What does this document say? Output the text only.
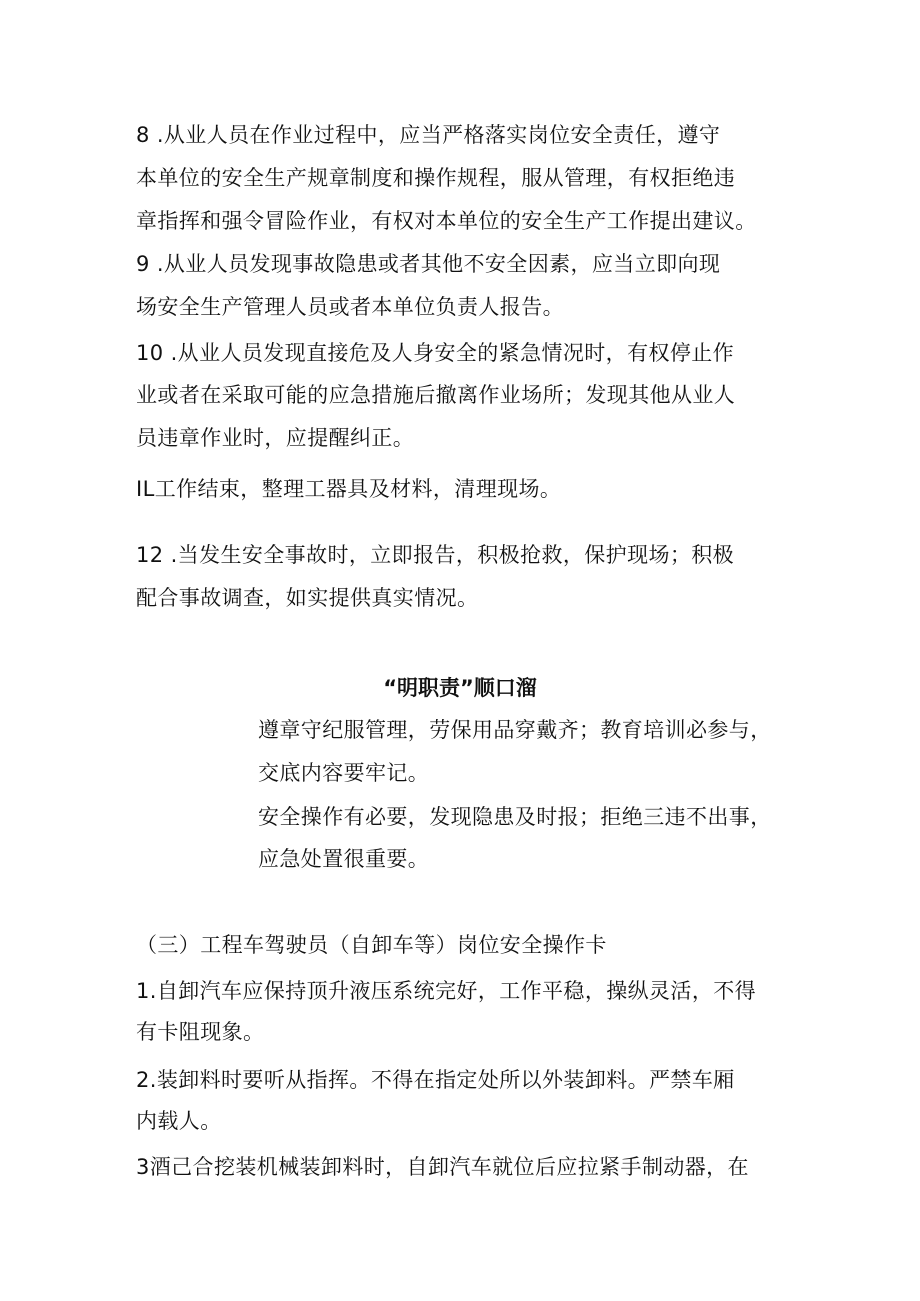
8 .从业人员在作业过程中，应当严格落实岗位安全责任，遵守
本单位的安全生产规章制度和操作规程，服从管理，有权拒绝违
章指挥和强令冒险作业，有权对本单位的安全生产工作提出建议。
9 .从业人员发现事故隐患或者其他不安全因素，应当立即向现
场安全生产管理人员或者本单位负责人报告。
10 .从业人员发现直接危及人身安全的紧急情况时，有权停止作
业或者在采取可能的应急措施后撤离作业场所；发现其他从业人
员违章作业时，应提醒纠正。
IL工作结束，整理工器具及材料，清理现场。
12 .当发生安全事故时，立即报告，积极抢救，保护现场；积极
配合事故调查，如实提供真实情况。
“明职责”顺口溜
遵章守纪服管理，劳保用品穿戴齐；教育培训必参与，
交底内容要牢记。
安全操作有必要，发现隐患及时报；拒绝三违不出事，
应急处置很重要。
（三）工程车驾驶员（自卸车等）岗位安全操作卡
1.自卸汽车应保持顶升液压系统完好，工作平稳，操纵灵活，不得
有卡阻现象。
2.装卸料时要听从指挥。不得在指定处所以外装卸料。严禁车厢
内载人。
3酒己合挖装机械装卸料时，自卸汽车就位后应拉紧手制动器，在
